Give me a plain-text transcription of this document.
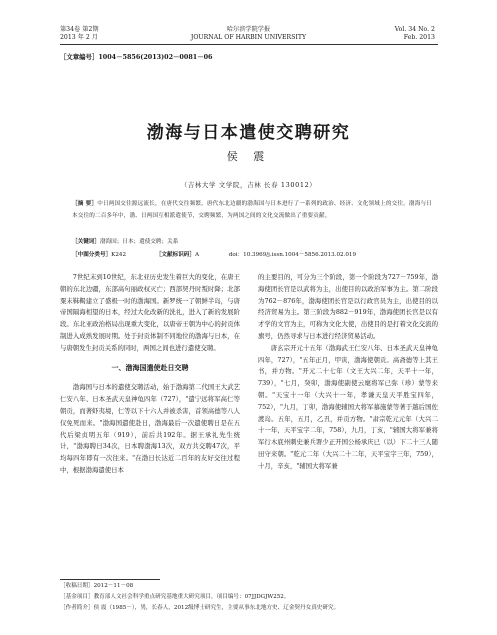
第34卷 第2期
2013 年 2 月
哈尔滨学院学报
JOURNAL OF HARBIN UNIVERSITY
Vol. 34 No. 2
Feb. 2013
［文章编号］1004－5856(2013)02－0081－06
渤海与日本遣使交聘研究
侯 震
（吉林大学 文学院，吉林 长春 130012）
［摘 要］中日两国交往源远流长，在唐代交往频繁，唐代东北边疆的渤海国与日本进行了一系列的政治、经济、文化领域上的交往。渤海与日本交往的二百多年中，渤、日两国互相派遣使节，交聘频繁，为两国之间的文化交流做出了重要贡献。
［关键词］渤海国；日本；遣使交聘；关系
［中图分类号］K242	［文献标识码］A	doi：10.3969/j.issn.1004－5856.2013.02.019

7世纪末到10世纪，东北亚历史发生着巨大的变化，在唐王朝的东北边疆，东部高句丽政权灭亡；西部契丹时叛时降；北部粟末靺鞨建立了盛极一时的渤海国。新罗统一了朝鲜半岛，与唐帝国隔海相望的日本，经过大化改新的洗礼，进入了新的发展阶段。东北亚政治格局出现重大变化，以唐帝王朝为中心的封贡体制进入成熟发展时期。处于封贡体制不同地位的渤海与日本，在与唐朝发生封贡关系的同时，两国之间也进行遣使交聘。

一、渤海国遣使赴日交聘

渤海国与日本的遣使交聘活动，始于渤海第二代国王大武艺仁安八年、日本圣武天皇神龟四年（727），"遣宁远将军高仁等朝贡，而著虾夷境，仁等以下十六人并被杀害，首领高德等八人仅免死而来。"渤海国遣使赴日，渤海最后一次遣使聘日是在五代后梁贞明五年（919），前后共192年。据王承礼先生统计，"渤海聘日34次，日本聘渤海13次，双方共交聘47次，平均每四年即有一次往来。"在渤日长达近二百年的友好交往过程中，根据渤海遣使日本

的主要目的，可分为三个阶段，第一个阶段为727－759年，渤海使团长官是以武将为主，出使目的以政治军事为主。第二阶段为762－876年，渤海使团长官是以行政官员为主，出使目的以经济贸易为主。第三阶段为882－919年，渤海使团长官是以有才学的文官为主，可称为文化大使，出使目的是打着文化交流的旗号，仍然寻求与日本进行经济贸易活动。

唐玄宗开元十五年（渤海武王仁安八年、日本圣武天皇神龟四年，727），"五年正月，甲寅，渤海使朝贡。高斋德等上其王书，并方物。"开元二十七年（文王大兴二年，天平十一年，739），"七月，癸卯，渤海使副使云麾将军已弥（珍）蒙等来朝。"天宝十一年（大兴十一年，孝谦天皇天平胜宝四年，752），"九月，丁卯，渤海使辅国大将军慕施蒙等著于越后国佐渡岛。五年，五月，乙丑，并贡方物。"肃宗乾元元年（大兴二十一年，天平宝字二年，758），九月，丁亥，"辅国大将军兼将军行木底州刺史兼兵署少正开国公杨承庆已（以）下二十三人随田守来朝。"乾元二年（大兴二十二年，天平宝字三年，759），十月，辛亥，"辅国大将军兼

［收稿日期］2012－11－08
［基金项目］教育部人文社会科学重点研究基地重大研究项目，项目编号：07JJDGJW252。
［作者简介］侯 震（1985－），男，长春人，2012级博士研究生，主要从事东北地方史、辽金契丹女真史研究。
